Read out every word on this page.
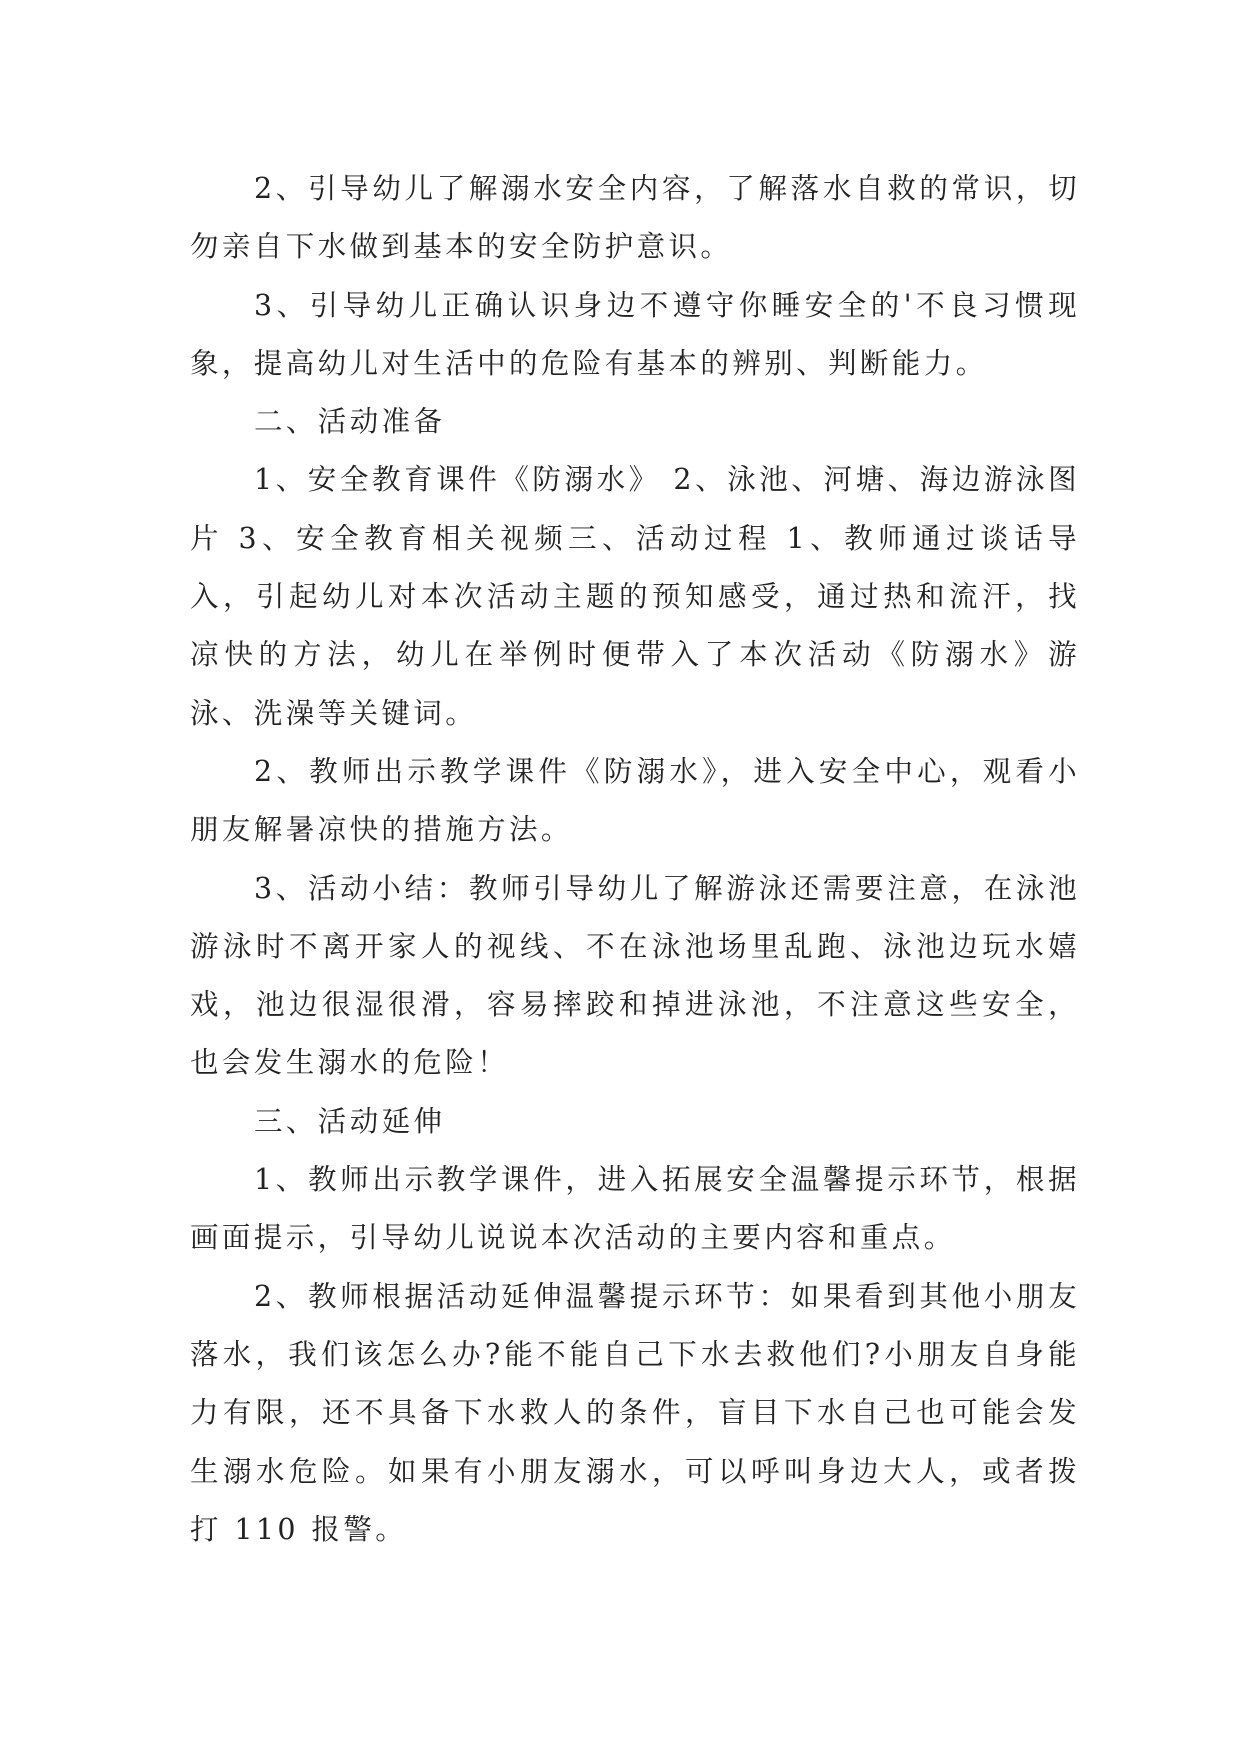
2、引导幼儿了解溺水安全内容，了解落水自救的常识，切勿亲自下水做到基本的安全防护意识。

3、引导幼儿正确认识身边不遵守你睡安全的'不良习惯现象，提高幼儿对生活中的危险有基本的辨别、判断能力。

二、活动准备

1、安全教育课件《防溺水》 2、泳池、河塘、海边游泳图片 3、安全教育相关视频三、活动过程 1、教师通过谈话导入，引起幼儿对本次活动主题的预知感受，通过热和流汗，找凉快的方法，幼儿在举例时便带入了本次活动《防溺水》游泳、洗澡等关键词。

2、教师出示教学课件《防溺水》，进入安全中心，观看小朋友解暑凉快的措施方法。

3、活动小结：教师引导幼儿了解游泳还需要注意，在泳池游泳时不离开家人的视线、不在泳池场里乱跑、泳池边玩水嬉戏，池边很湿很滑，容易摔跤和掉进泳池，不注意这些安全，也会发生溺水的危险！

三、活动延伸

1、教师出示教学课件，进入拓展安全温馨提示环节，根据画面提示，引导幼儿说说本次活动的主要内容和重点。

2、教师根据活动延伸温馨提示环节：如果看到其他小朋友落水，我们该怎么办?能不能自己下水去救他们?小朋友自身能力有限，还不具备下水救人的条件，盲目下水自己也可能会发生溺水危险。如果有小朋友溺水，可以呼叫身边大人，或者拨打 110 报警。
